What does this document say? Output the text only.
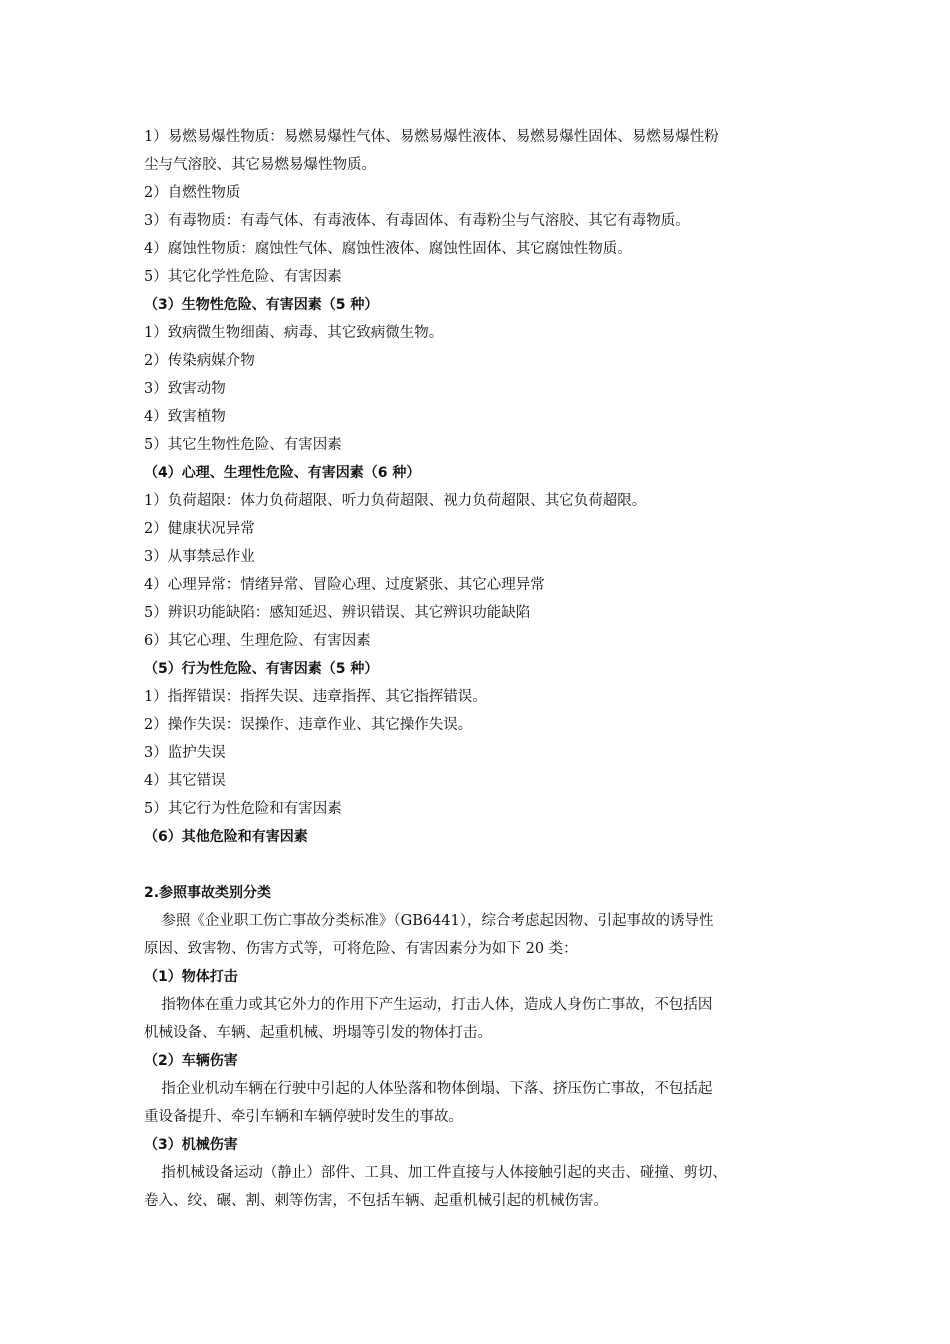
1）易燃易爆性物质：易燃易爆性气体、易燃易爆性液体、易燃易爆性固体、易燃易爆性粉
尘与气溶胶、其它易燃易爆性物质。
2）自燃性物质
3）有毒物质：有毒气体、有毒液体、有毒固体、有毒粉尘与气溶胶、其它有毒物质。
4）腐蚀性物质：腐蚀性气体、腐蚀性液体、腐蚀性固体、其它腐蚀性物质。
5）其它化学性危险、有害因素
（3）生物性危险、有害因素（5 种）
1）致病微生物细菌、病毒、其它致病微生物。
2）传染病媒介物
3）致害动物
4）致害植物
5）其它生物性危险、有害因素
（4）心理、生理性危险、有害因素（6 种）
1）负荷超限：体力负荷超限、听力负荷超限、视力负荷超限、其它负荷超限。
2）健康状况异常
3）从事禁忌作业
4）心理异常：情绪异常、冒险心理、过度紧张、其它心理异常
5）辨识功能缺陷：感知延迟、辨识错误、其它辨识功能缺陷
6）其它心理、生理危险、有害因素
（5）行为性危险、有害因素（5 种）
1）指挥错误：指挥失误、违章指挥、其它指挥错误。
2）操作失误：误操作、违章作业、其它操作失误。
3）监护失误
4）其它错误
5）其它行为性危险和有害因素
（6）其他危险和有害因素
2.参照事故类别分类
参照《企业职工伤亡事故分类标准》（GB6441），综合考虑起因物、引起事故的诱导性
原因、致害物、伤害方式等，可将危险、有害因素分为如下 20 类：
（1）物体打击
指物体在重力或其它外力的作用下产生运动，打击人体，造成人身伤亡事故，不包括因
机械设备、车辆、起重机械、坍塌等引发的物体打击。
（2）车辆伤害
指企业机动车辆在行驶中引起的人体坠落和物体倒塌、下落、挤压伤亡事故，不包括起
重设备提升、牵引车辆和车辆停驶时发生的事故。
（3）机械伤害
指机械设备运动（静止）部件、工具、加工件直接与人体接触引起的夹击、碰撞、剪切、
卷入、绞、碾、割、刺等伤害，不包括车辆、起重机械引起的机械伤害。
